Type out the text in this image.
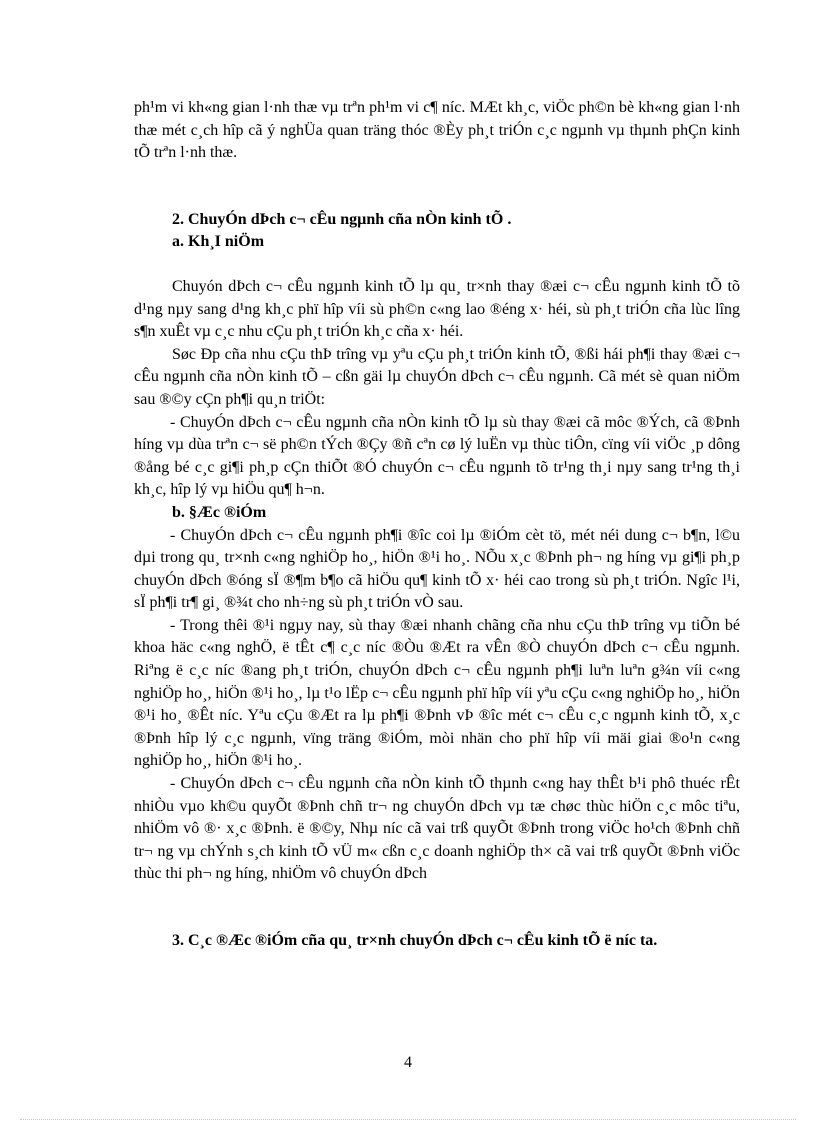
ph¹m vi kh«ng gian l·nh thæ vµ trªn ph¹m vi c¶ níc. MÆt kh¸c, viÖc ph©n bè kh«ng gian l·nh thæ mét c¸ch hîp cã ý nghÜa quan träng thóc ®Èy ph¸t triÓn c¸c ngµnh vµ thµnh phÇn kinh tÕ trªn l·nh thæ.

2. ChuyÓn dÞch c¬ cÊu ngµnh cña nÒn kinh tÕ .

a. Kh¸I niÖm

Chuyón dÞch c¬ cÊu ngµnh kinh tÕ lµ qu¸ tr×nh thay ®æi c¬ cÊu ngµnh kinh tÕ tõ d¹ng nµy sang d¹ng kh¸c phï hîp víi sù ph©n c«ng lao ®éng x· héi, sù ph¸t triÓn cña lùc lîng s¶n xuÊt vµ c¸c nhu cÇu ph¸t triÓn kh¸c cña x· héi.

Søc Ðp cña nhu cÇu thÞ trîng vµ yªu cÇu ph¸t triÓn kinh tÕ, ®ßi hái ph¶i thay ®æi c¬ cÊu ngµnh cña nÒn kinh tÕ – cßn gäi lµ chuyÓn dÞch c¬ cÊu ngµnh. Cã mét sè quan niÖm sau ®©y cÇn ph¶i qu¸n triÖt:

- ChuyÓn dÞch c¬ cÊu ngµnh cña nÒn kinh tÕ lµ sù thay ®æi cã môc ®Ých, cã ®Þnh híng vµ dùa trªn c¬ së ph©n tÝch ®Çy ®ñ cªn cø lý luËn vµ thùc tiÔn, cïng víi viÖc ¸p dông ®ång bé c¸c gi¶i ph¸p cÇn thiÕt ®Ó chuyÓn c¬ cÊu ngµnh tõ tr¹ng th¸i nµy sang tr¹ng th¸i kh¸c, hîp lý vµ hiÖu qu¶ h¬n.

b. §Æc ®iÓm

- ChuyÓn dÞch c¬ cÊu ngµnh ph¶i ®îc coi lµ ®iÓm cèt tö, mét néi dung c¬ b¶n, l©u dµi trong qu¸ tr×nh c«ng nghiÖp ho¸, hiÖn ®¹i ho¸. NÕu x¸c ®Þnh ph¬ ng híng vµ gi¶i ph¸p chuyÓn dÞch ®óng sÏ ®¶m b¶o cã hiÖu qu¶ kinh tÕ x· héi cao trong sù ph¸t triÓn. Ngîc l¹i, sÏ ph¶i tr¶ gi¸ ®¾t cho nh÷ng sù ph¸t triÓn vÒ sau.

- Trong thêi ®¹i ngµy nay, sù thay ®æi nhanh chãng cña nhu cÇu thÞ trîng vµ tiÕn bé khoa häc c«ng nghÖ, ë tÊt c¶ c¸c níc ®Òu ®Æt ra vÊn ®Ò chuyÓn dÞch c¬ cÊu ngµnh. Riªng ë c¸c níc ®ang ph¸t triÓn, chuyÓn dÞch c¬ cÊu ngµnh ph¶i luªn luªn g¾n víi c«ng nghiÖp ho¸, hiÖn ®¹i ho¸, lµ t¹o lËp c¬ cÊu ngµnh phï hîp víi yªu cÇu c«ng nghiÖp ho¸, hiÖn ®¹i ho¸ ®Êt níc. Yªu cÇu ®Æt ra lµ ph¶i ®Þnh vÞ ®îc mét c¬ cÊu c¸c ngµnh kinh tÕ, x¸c ®Þnh hîp lý c¸c ngµnh, vïng träng ®iÓm, mòi nhän cho phï hîp víi mäi giai ®o¹n c«ng nghiÖp ho¸, hiÖn ®¹i ho¸.

- ChuyÓn dÞch c¬ cÊu ngµnh cña nÒn kinh tÕ thµnh c«ng hay thÊt b¹i phô thuéc rÊt nhiÒu vµo kh©u quyÕt ®Þnh chñ tr¬ ng chuyÓn dÞch vµ tæ chøc thùc hiÖn c¸c môc tiªu, nhiÖm vô ®· x¸c ®Þnh. ë ®©y, Nhµ níc cã vai trß quyÕt ®Þnh trong viÖc ho¹ch ®Þnh chñ tr¬ ng vµ chÝnh s¸ch kinh tÕ vÜ m« cßn c¸c doanh nghiÖp th× cã vai trß quyÕt ®Þnh viÖc thùc thi ph¬ ng híng, nhiÖm vô chuyÓn dÞch

3. C¸c ®Æc ®iÓm cña qu¸ tr×nh chuyÓn dÞch c¬ cÊu kinh tÕ ë níc ta.

4
